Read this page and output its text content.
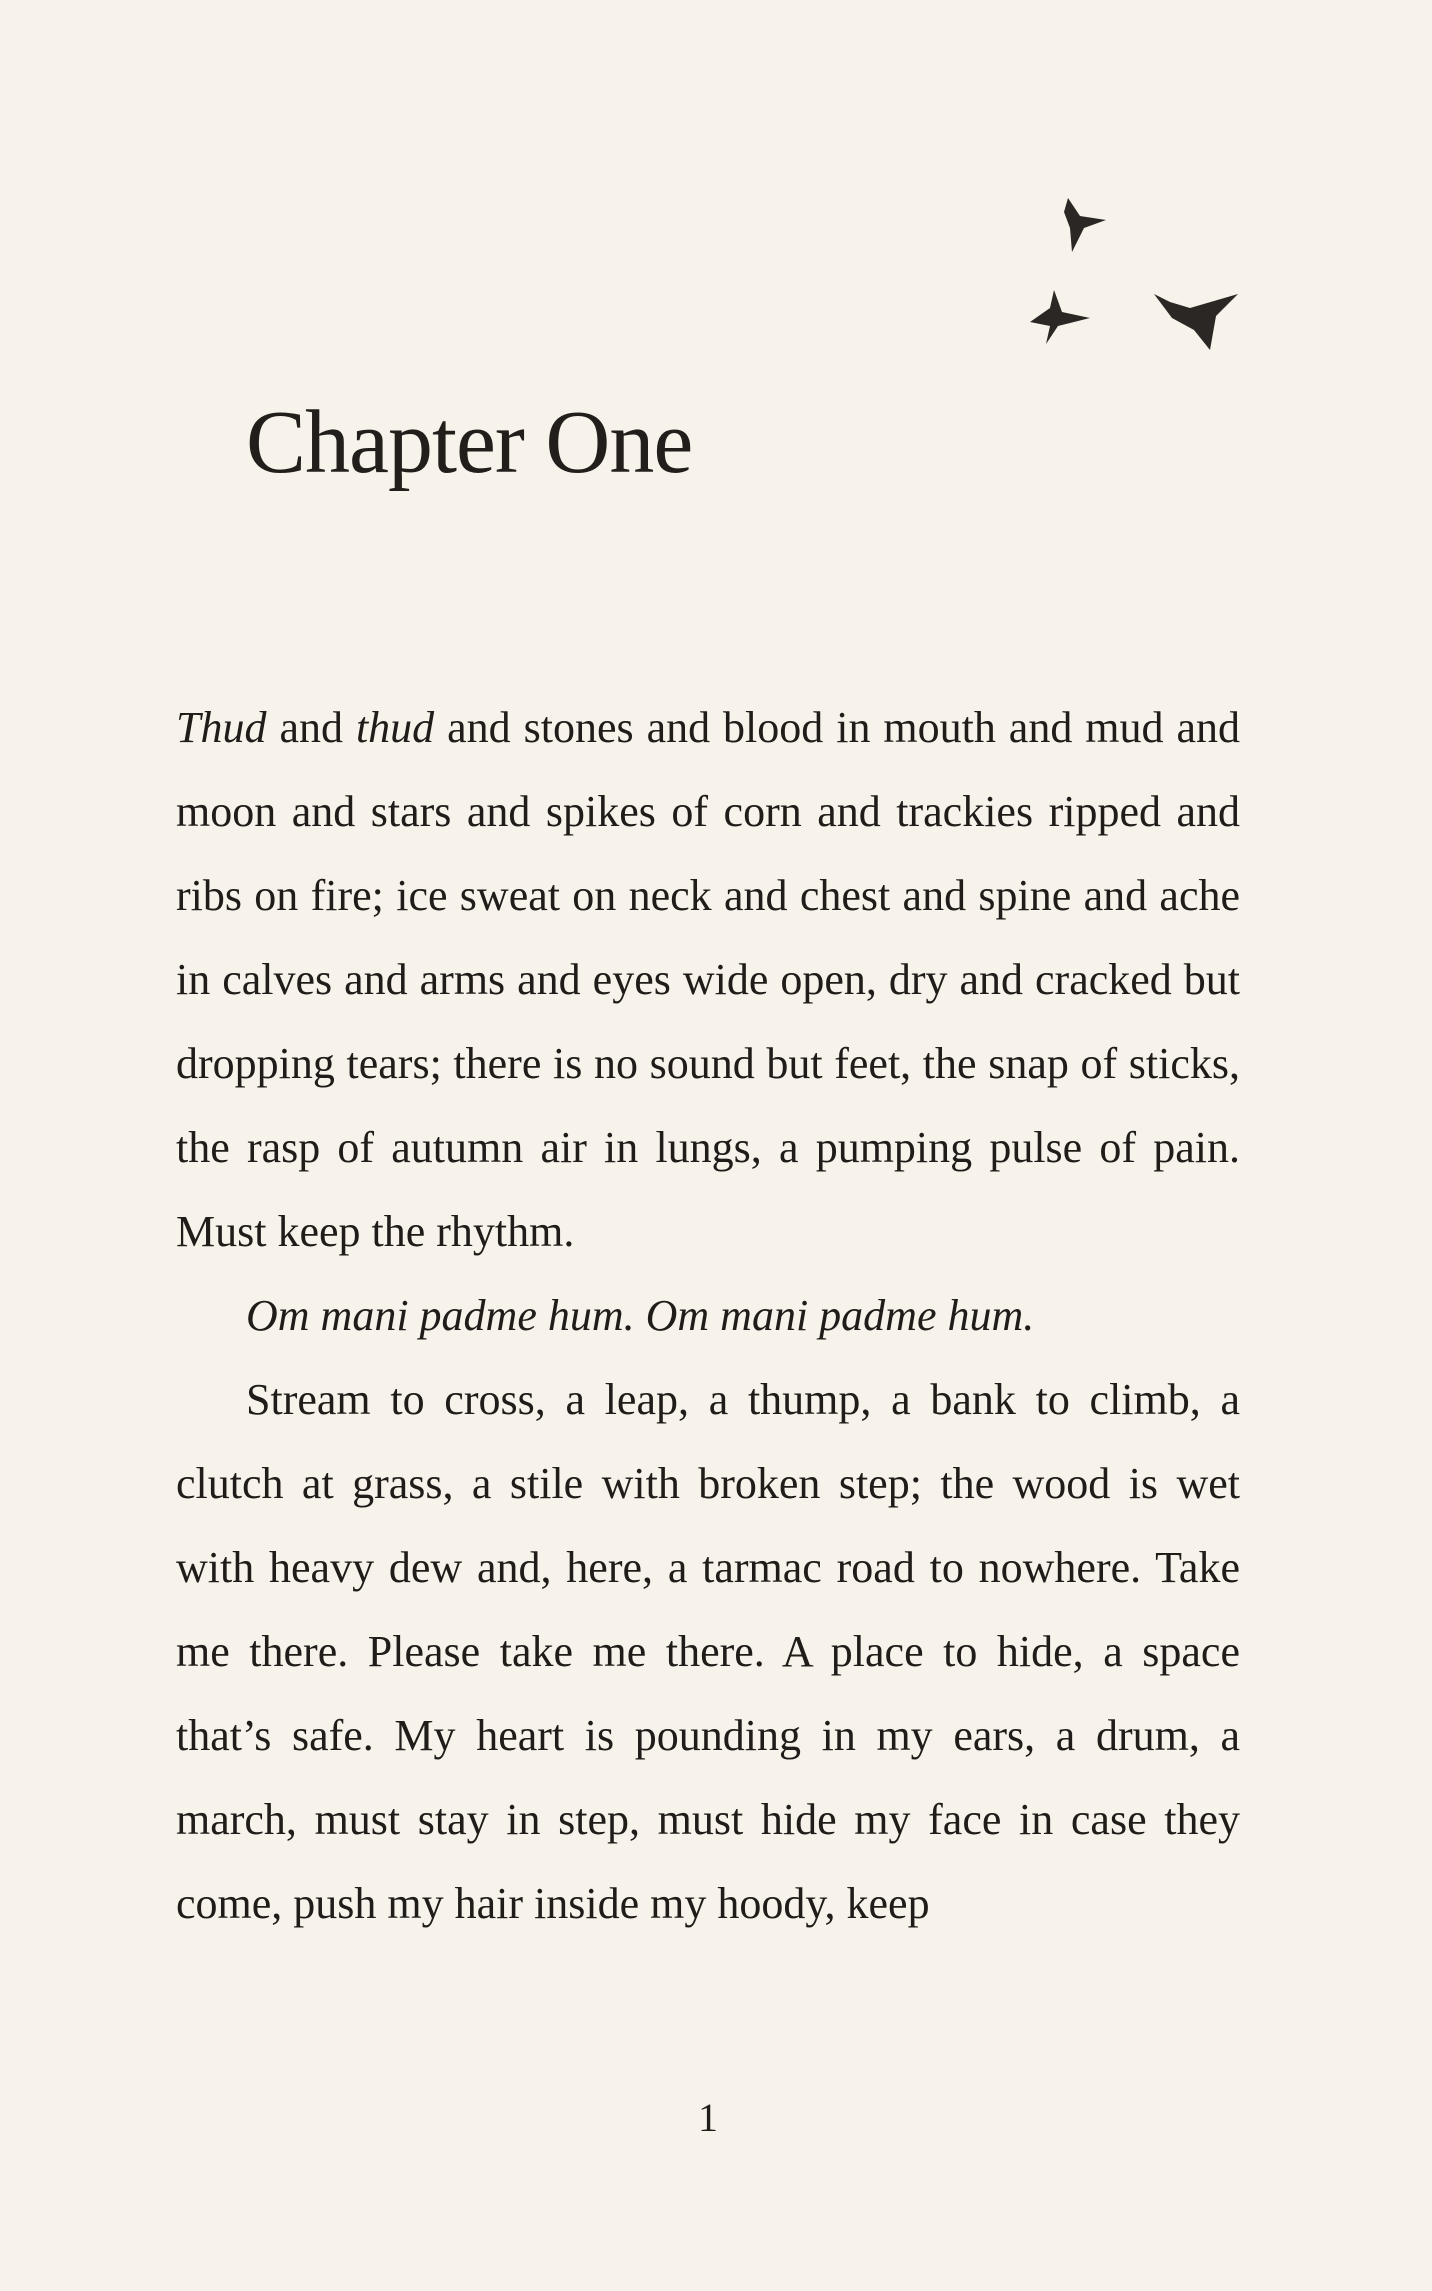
Chapter One

Thud and thud and stones and blood in mouth and mud and moon and stars and spikes of corn and trackies ripped and ribs on fire; ice sweat on neck and chest and spine and ache in calves and arms and eyes wide open, dry and cracked but dropping tears; there is no sound but feet, the snap of sticks, the rasp of autumn air in lungs, a pumping pulse of pain. Must keep the rhythm.

Om mani padme hum. Om mani padme hum.

Stream to cross, a leap, a thump, a bank to climb, a clutch at grass, a stile with broken step; the wood is wet with heavy dew and, here, a tarmac road to nowhere. Take me there. Please take me there. A place to hide, a space that’s safe. My heart is pounding in my ears, a drum, a march, must stay in step, must hide my face in case they come, push my hair inside my hoody, keep

1
